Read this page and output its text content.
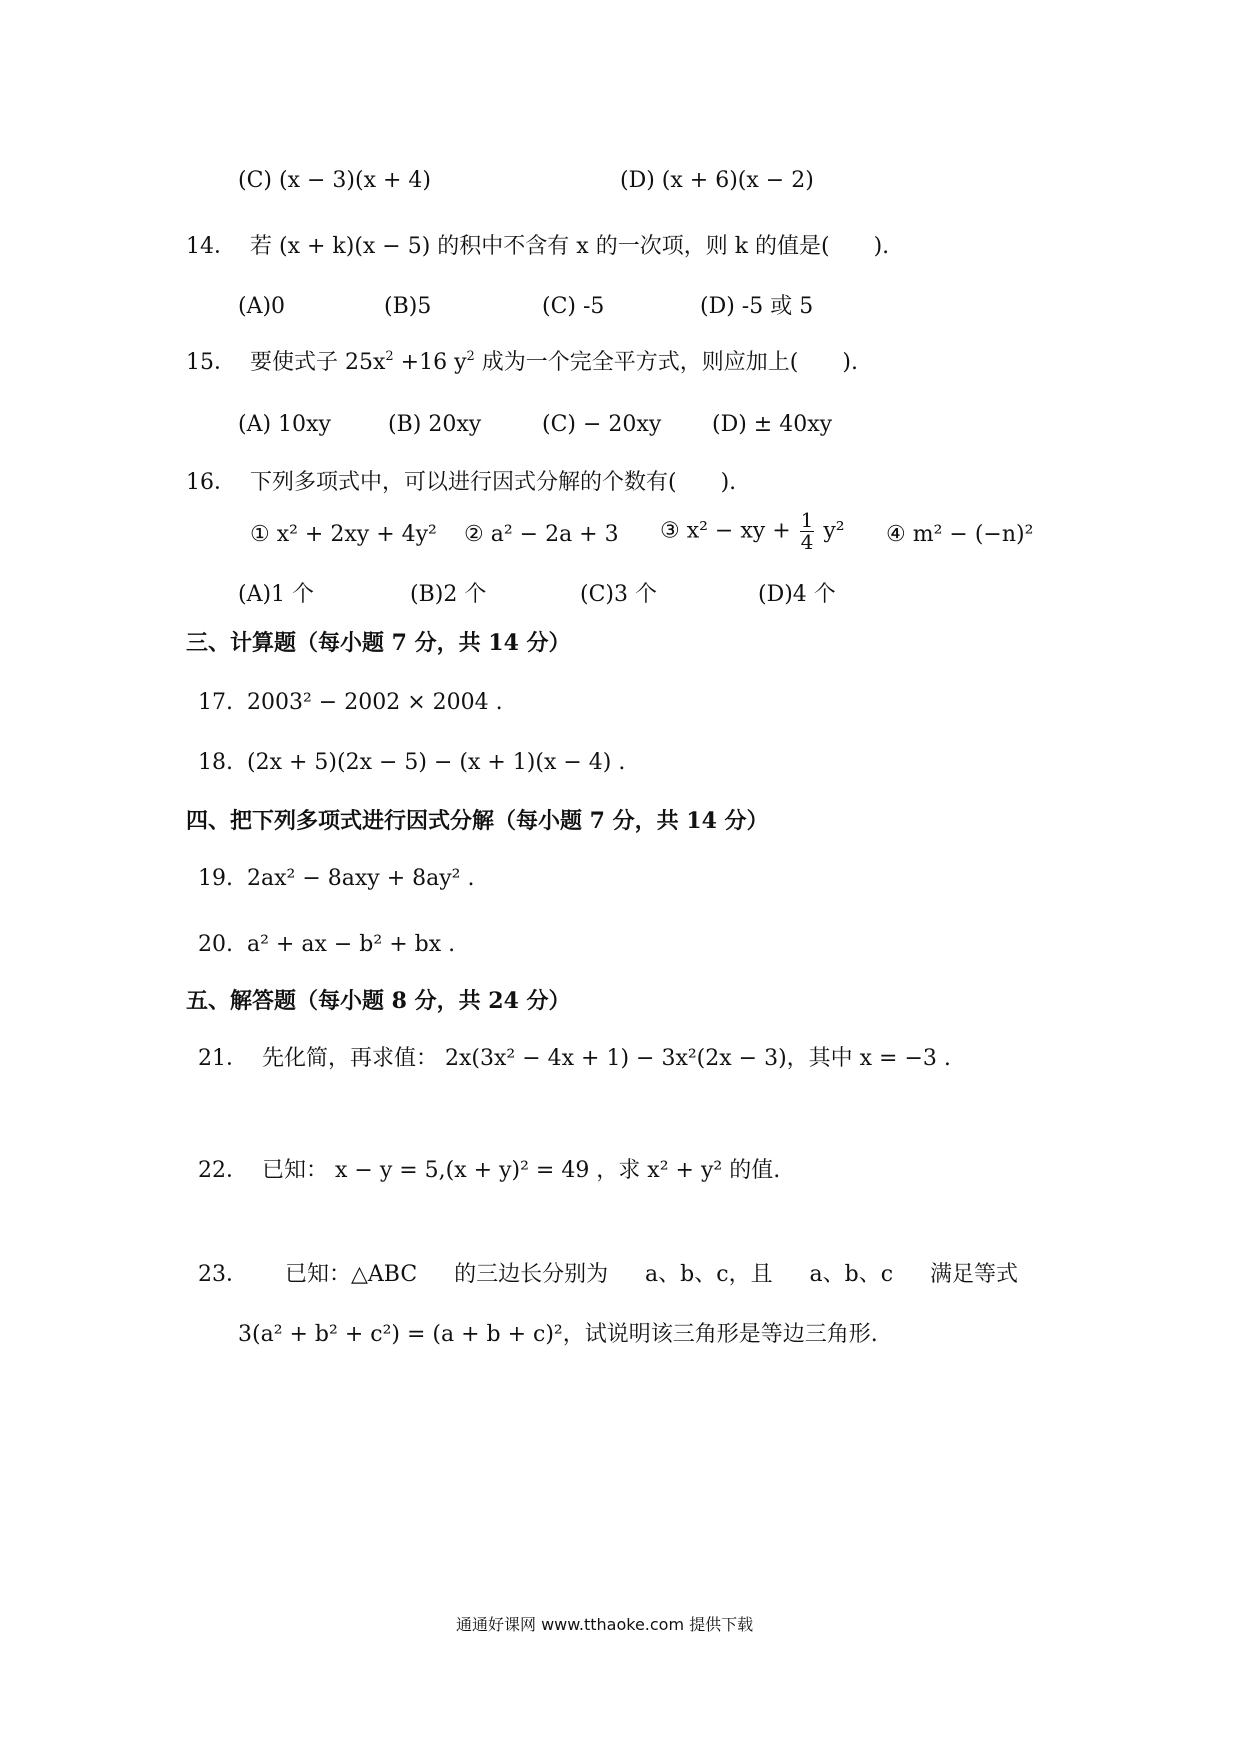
(C) (x − 3)(x + 4)	(D) (x + 6)(x − 2)
14． 若 (x + k)(x − 5) 的积中不含有 x 的一次项，则 k 的值是(　　).
(A)0	(B)5	(C) -5	(D) -5 或 5
15． 要使式子 $25x^2 +16$ $y^2$ 成为一个完全平方式，则应加上(　　).
(A) 10xy	(B) 20xy	(C) − 20xy (D) ± 40xy
16． 下列多项式中，可以进行因式分解的个数有(　　).
① x² + 2xy + 4y² ② a² − 2a + 3 ③ x² − xy + $\frac{1}{4} y^2$ ④ m² − (−n)²
(A)1 个	(B)2 个	(C)3 个	(D)4 个
三、计算题（每小题 7 分，共 14 分）
17. 2003² − 2002 × 2004 .
18. (2x + 5)(2x − 5) − (x + 1)(x − 4) .
四、把下列多项式进行因式分解（每小题 7 分，共 14 分）
19. 2ax² − 8axy + 8ay² .
20. a² + ax − b² + bx .
五、解答题（每小题 8 分，共 24 分）
21． 先化简，再求值： 2x(3x² − 4x + 1) − 3x²(2x − 3)，其中 x = −3 .
22． 已知： x − y = 5,(x + y)² = 49 ，求 x² + y² 的值.
23． 已知：△ABC 的三边长分别为 a、b、c，且 a、b、c 满足等式
3(a² + b² + c²) = (a + b + c)²，试说明该三角形是等边三角形.
通通好课网 www.tthaoke.com 提供下载
